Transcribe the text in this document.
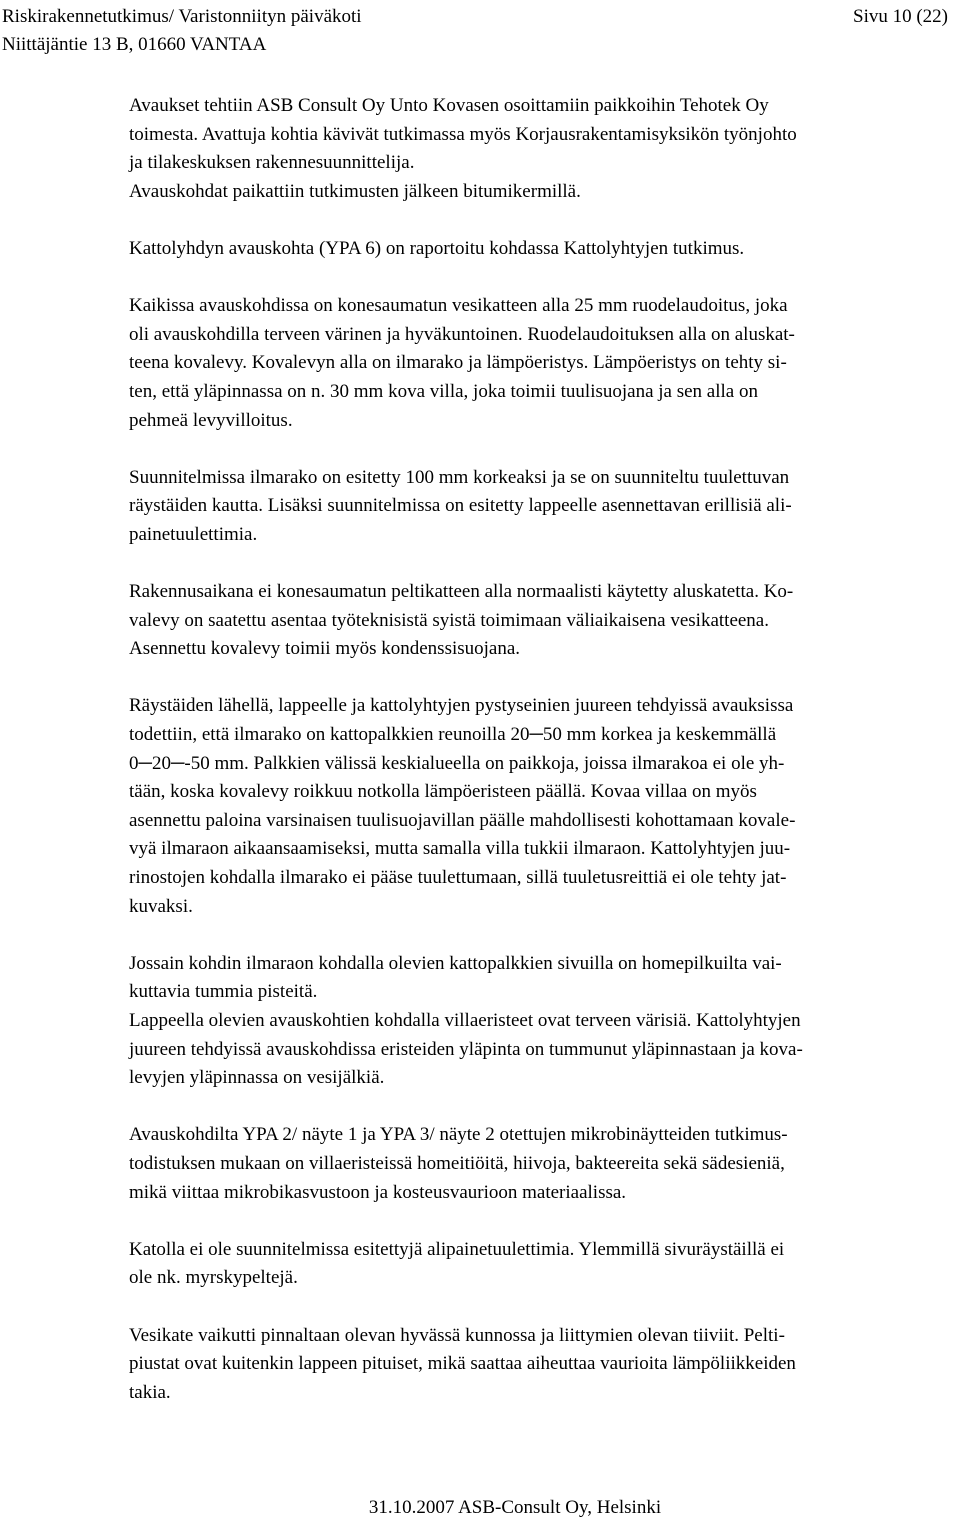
Riskirakennetutkimus/ Varistonniityn päiväkoti
Niittäjäntie 13 B, 01660 VANTAA
Sivu 10 (22)

Avaukset tehtiin ASB Consult Oy Unto Kovasen osoittamiin paikkoihin Tehotek Oy
toimesta. Avattuja kohtia kävivät tutkimassa myös Korjausrakentamisyksikön työnjohto
ja tilakeskuksen rakennesuunnittelija.
Avauskohdat paikattiin tutkimusten jälkeen bitumikermillä.

Kattolyhdyn avauskohta (YPA 6) on raportoitu kohdassa Kattolyhtyjen tutkimus.

Kaikissa avauskohdissa on konesaumatun vesikatteen alla 25 mm ruodelaudoitus, joka
oli avauskohdilla terveen värinen ja hyväkuntoinen. Ruodelaudoituksen alla on aluskat-
teena kovalevy. Kovalevyn alla on ilmarako ja lämpöeristys. Lämpöeristys on tehty si-
ten, että yläpinnassa on n. 30 mm kova villa, joka toimii tuulisuojana ja sen alla on
pehmeä levyvilloitus.

Suunnitelmissa ilmarako on esitetty 100 mm korkeaksi ja se on suunniteltu tuulettuvan
räystäiden kautta. Lisäksi suunnitelmissa on esitetty lappeelle asennettavan erillisiä ali-
painetuulettimia.

Rakennusaikana ei konesaumatun peltikatteen alla normaalisti käytetty aluskatetta. Ko-
valevy on saatettu asentaa työteknisistä syistä toimimaan väliaikaisena vesikatteena.
Asennettu kovalevy toimii myös kondenssisuojana.

Räystäiden lähellä, lappeelle ja kattolyhtyjen pystyseinien juureen tehdyissä avauksissa
todettiin, että ilmarako on kattopalkkien reunoilla 20─50 mm korkea ja keskemmällä
0─20─-50 mm. Palkkien välissä keskialueella on paikkoja, joissa ilmarakoa ei ole yh-
tään, koska kovalevy roikkuu notkolla lämpöeristeen päällä. Kovaa villaa on myös
asennettu paloina varsinaisen tuulisuojavillan päälle mahdollisesti kohottamaan kovale-
vyä ilmaraon aikaansaamiseksi, mutta samalla villa tukkii ilmaraon. Kattolyhtyjen juu-
rinostojen kohdalla ilmarako ei pääse tuulettumaan, sillä tuuletusreittiä ei ole tehty jat-
kuvaksi.

Jossain kohdin ilmaraon kohdalla olevien kattopalkkien sivuilla on homepilkuilta vai-
kuttavia tummia pisteitä.

Lappeella olevien avauskohtien kohdalla villaeristeet ovat terveen värisiä. Kattolyhtyjen
juureen tehdyissä avauskohdissa eristeiden yläpinta on tummunut yläpinnastaan ja kova-
levyjen yläpinnassa on vesijälkiä.

Avauskohdilta YPA 2/ näyte 1 ja YPA 3/ näyte 2 otettujen mikrobinäytteiden tutkimus-
todistuksen mukaan on villaeristeissä homeitiöitä, hiivoja, bakteereita sekä sädesieniä,
mikä viittaa mikrobikasvustoon ja kosteusvaurioon materiaalissa.

Katolla ei ole suunnitelmissa esitettyjä alipainetuulettimia. Ylemmillä sivuräystäillä ei
ole nk. myrskypeltejä.

Vesikate vaikutti pinnaltaan olevan hyvässä kunnossa ja liittymien olevan tiiviit. Pelti-
piustat ovat kuitenkin lappeen pituiset, mikä saattaa aiheuttaa vaurioita lämpöliikkeiden
takia.

31.10.2007 ASB-Consult Oy, Helsinki
